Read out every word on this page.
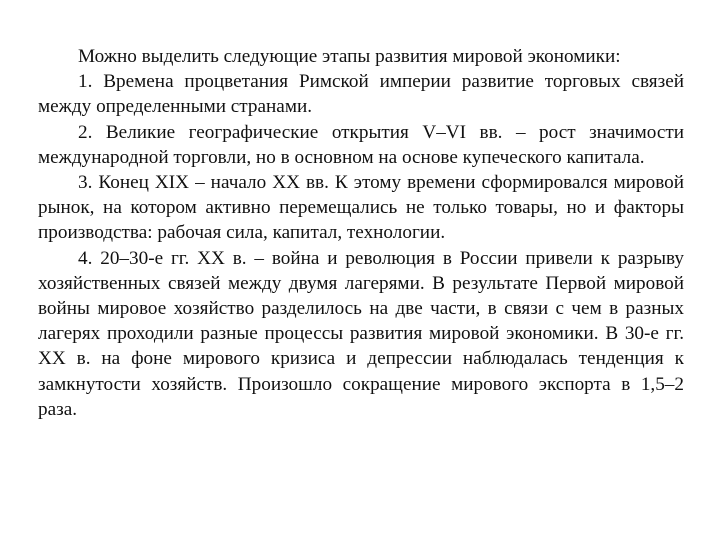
Можно выделить следующие этапы развития мировой экономики:

1. Времена процветания Римской империи развитие торговых связей между определенными странами.

2. Великие географические открытия V–VI вв. – рост значимости международной торговли, но в основном на основе купеческого капитала.

3. Конец XIX – начало XX вв. К этому времени сформировался мировой рынок, на котором активно перемещались не только товары, но и факторы производства: рабочая сила, капитал, технологии.

4. 20–30-е гг. XX в. – война и революция в России привели к разрыву хозяйственных связей между двумя лагерями. В результате Первой мировой войны мировое хозяйство разделилось на две части, в связи с чем в разных лагерях проходили разные процессы развития мировой экономики. В 30-е гг. XX в. на фоне мирового кризиса и депрессии наблюдалась тенденция к замкнутости хозяйств. Произошло сокращение мирового экспорта в 1,5–2 раза.
